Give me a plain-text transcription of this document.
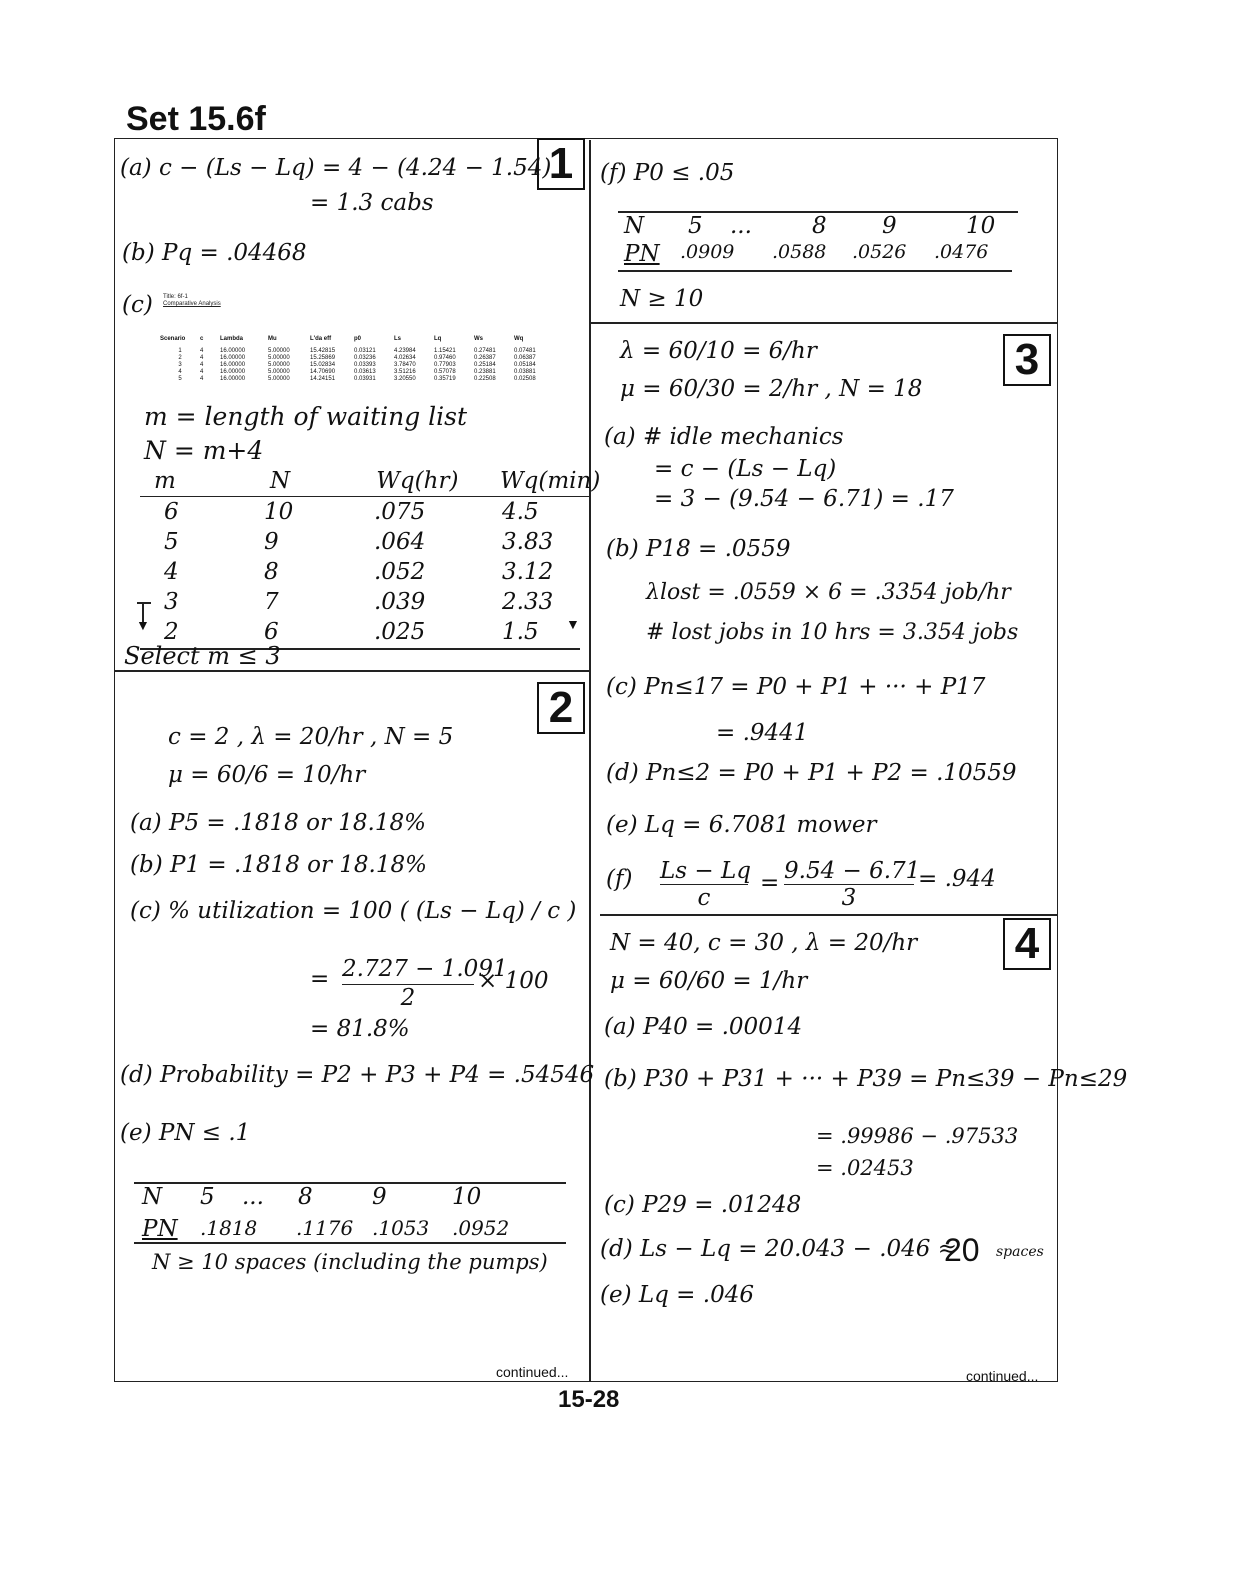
Set 15.6f
1
(a) c − (Ls − Lq) = 4 − (4.24 − 1.54)
= 1.3 cabs
(b) Pq = .04468
(c) Title: 6f-1
Comparative Analysis
Scenario	c	Lambda	Mu	L'da eff	p0	Ls	Lq	Ws	Wq
1	4	16.00000	5.00000	15.42815	0.03121	4.23984	1.15421	0.27481	0.07481
2	4	16.00000	5.00000	15.25869	0.03236	4.02634	0.97460	0.26387	0.06387
3	4	16.00000	5.00000	15.02834	0.03393	3.78470	0.77903	0.25184	0.05184
4	4	16.00000	5.00000	14.70690	0.03613	3.51216	0.57078	0.23881	0.03881
5	4	16.00000	5.00000	14.24151	0.03931	3.20550	0.35719	0.22508	0.02508
m = length of waiting list
N = m+4
m	N	Wq(hr)	Wq(min)
6	10	.075	4.5
5	9	.064	3.83
4	8	.052	3.12
3	7	.039	2.33
2	6	.025	1.5
▼	▼
Select m ≤ 3
2
c = 2 , λ = 20/hr , N = 5
μ = 60/6 = 10/hr
(a) P5 = .1818 or 18.18%
(b) P1 = .1818 or 18.18%
(c) % utilization = 100 ( (Ls − Lq) / c )
= $\frac{2.727 - 1.091}{2} \times 100$
= 81.8%
(d) Probability = P2 + P3 + P4 = .54546
(e) PN ≤ .1
N	5	...	8	9	10
PN	.1818	.1176 .1053	.0952
N ≥ 10 spaces (including the pumps)
(f) P0 ≤ .05
N	5	...	8	9	10
PN	.0909	.0588	.0526	.0476
N ≥ 10
3
λ = 60/10 = 6/hr
μ = 60/30 = 2/hr , N = 18
(a) # idle mechanics
= c − (Ls − Lq)
= 3 − (9.54 − 6.71) = .17
(b) P18 = .0559
λlost = .0559 × 6 = .3354 job/hr
# lost jobs in 10 hrs = 3.354 jobs
(c) Pn≤17 = P0 + P1 + ··· + P17
= .9441
(d) Pn≤2 = P0 + P1 + P2 = .10559
(e) Lq = 6.7081 mower
$(f) \frac{Ls - Lq}{c} = \frac{9.54 - 6.71}{3} = .944$
4
N = 40, c = 30 , λ = 20/hr
μ = 60/60 = 1/hr
(a) P40 = .00014
(b) P30 + P31 + ··· + P39 = Pn≤39 − Pn≤29
= .99986 − .97533
= .02453
(c) P29 = .01248
(d) Ls − Lq = 20.043 − .046 ≈
20 spaces
(e) Lq = .046
continued...	continued...
15-28
